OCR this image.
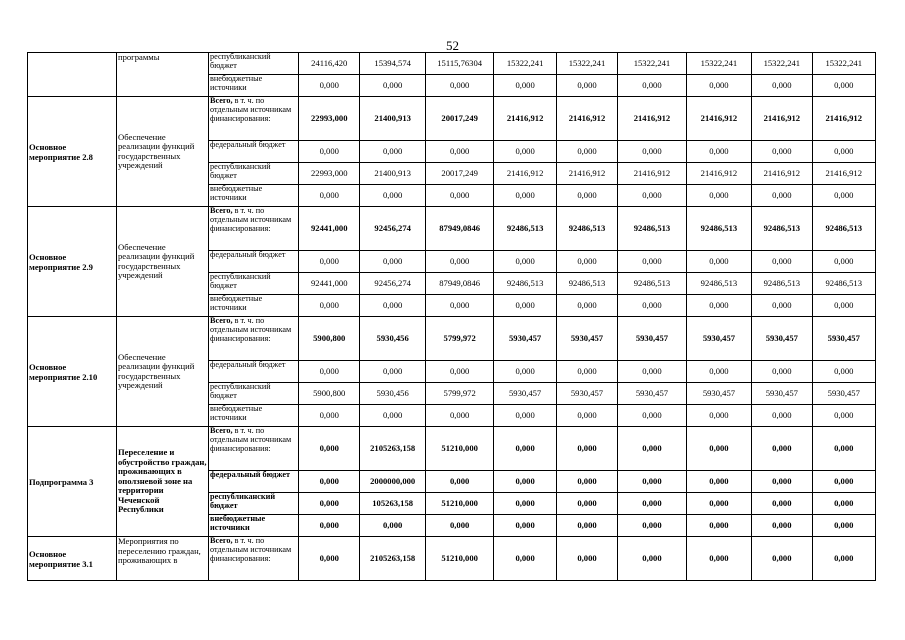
52
	программы	республиканский бюджет	24116,420	15394,574	15115,76304	15322,241	15322,241	15322,241	15322,241	15322,241	15322,241
		внебюджетные источники	0,000	0,000	0,000	0,000	0,000	0,000	0,000	0,000	0,000
Основное мероприятие 2.8	Обеспечение реализации функций государственных учреждений	Всего, в т. ч. по отдельным источникам финансирования:	22993,000	21400,913	20017,249	21416,912	21416,912	21416,912	21416,912	21416,912	21416,912
		федеральный бюджет	0,000	0,000	0,000	0,000	0,000	0,000	0,000	0,000	0,000
		республиканский бюджет	22993,000	21400,913	20017,249	21416,912	21416,912	21416,912	21416,912	21416,912	21416,912
		внебюджетные источники	0,000	0,000	0,000	0,000	0,000	0,000	0,000	0,000	0,000
Основное мероприятие 2.9	Обеспечение реализации функций государственных учреждений	Всего, в т. ч. по отдельным источникам финансирования:	92441,000	92456,274	87949,0846	92486,513	92486,513	92486,513	92486,513	92486,513	92486,513
		федеральный бюджет	0,000	0,000	0,000	0,000	0,000	0,000	0,000	0,000	0,000
		республиканский бюджет	92441,000	92456,274	87949,0846	92486,513	92486,513	92486,513	92486,513	92486,513	92486,513
		внебюджетные источники	0,000	0,000	0,000	0,000	0,000	0,000	0,000	0,000	0,000
Основное мероприятие 2.10	Обеспечение реализации функций государственных учреждений	Всего, в т. ч. по отдельным источникам финансирования:	5900,800	5930,456	5799,972	5930,457	5930,457	5930,457	5930,457	5930,457	5930,457
		федеральный бюджет	0,000	0,000	0,000	0,000	0,000	0,000	0,000	0,000	0,000
		республиканский бюджет	5900,800	5930,456	5799,972	5930,457	5930,457	5930,457	5930,457	5930,457	5930,457
		внебюджетные источники	0,000	0,000	0,000	0,000	0,000	0,000	0,000	0,000	0,000
Подпрограмма 3	Переселение и обустройство граждан, проживающих в оползневой зоне на территории Чеченской Республики	Всего, в т. ч. по отдельным источникам финансирования:	0,000	2105263,158	51210,000	0,000	0,000	0,000	0,000	0,000	0,000
		федеральный бюджет	0,000	2000000,000	0,000	0,000	0,000	0,000	0,000	0,000	0,000
		республиканский бюджет	0,000	105263,158	51210,000	0,000	0,000	0,000	0,000	0,000	0,000
		внебюджетные источники	0,000	0,000	0,000	0,000	0,000	0,000	0,000	0,000	0,000
Основное мероприятие 3.1	Мероприятия по переселению граждан, проживающих в	Всего, в т. ч. по отдельным источникам финансирования:	0,000	2105263,158	51210,000	0,000	0,000	0,000	0,000	0,000	0,000
